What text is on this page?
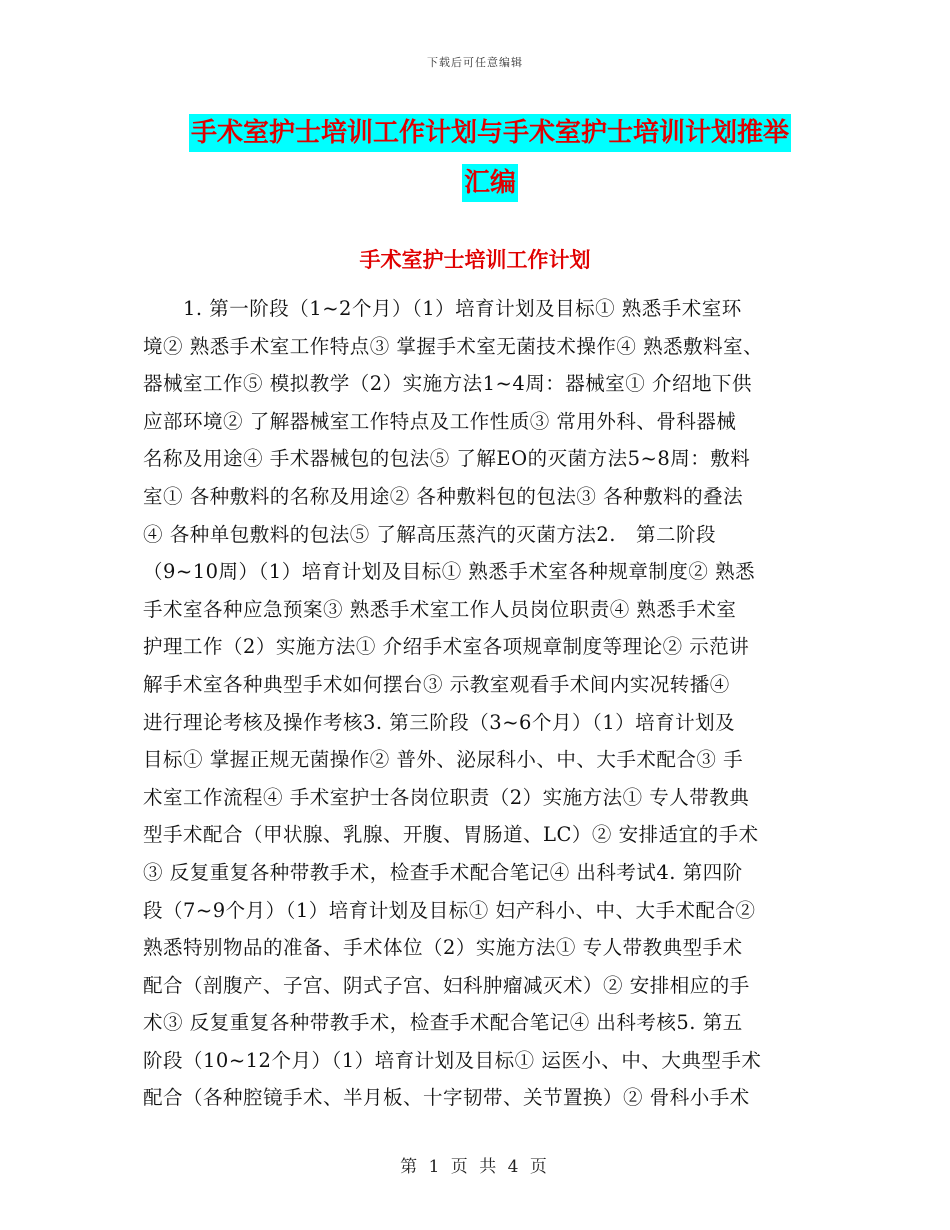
下载后可任意编辑
手术室护士培训工作计划与手术室护士培训计划推举
汇编
手术室护士培训工作计划
　　1. 第一阶段（1~2个月）（1）培育计划及目标① 熟悉手术室环
境② 熟悉手术室工作特点③ 掌握手术室无菌技术操作④ 熟悉敷料室、
器械室工作⑤ 模拟教学（2）实施方法1~4周：器械室① 介绍地下供
应部环境② 了解器械室工作特点及工作性质③ 常用外科、骨科器械
名称及用途④ 手术器械包的包法⑤ 了解EO的灭菌方法5~8周：敷料
室① 各种敷料的名称及用途② 各种敷料包的包法③ 各种敷料的叠法
④ 各种单包敷料的包法⑤ 了解高压蒸汽的灭菌方法2.　第二阶段
（9~10周）（1）培育计划及目标① 熟悉手术室各种规章制度② 熟悉
手术室各种应急预案③ 熟悉手术室工作人员岗位职责④ 熟悉手术室
护理工作（2）实施方法① 介绍手术室各项规章制度等理论② 示范讲
解手术室各种典型手术如何摆台③ 示教室观看手术间内实况转播④
进行理论考核及操作考核3. 第三阶段（3~6个月）（1）培育计划及
目标① 掌握正规无菌操作② 普外、泌尿科小、中、大手术配合③ 手
术室工作流程④ 手术室护士各岗位职责（2）实施方法① 专人带教典
型手术配合（甲状腺、乳腺、开腹、胃肠道、LC）② 安排适宜的手术
③ 反复重复各种带教手术，检查手术配合笔记④ 出科考试4. 第四阶
段（7~9个月）（1）培育计划及目标① 妇产科小、中、大手术配合②
熟悉特别物品的准备、手术体位（2）实施方法① 专人带教典型手术
配合（剖腹产、子宫、阴式子宫、妇科肿瘤减灭术）② 安排相应的手
术③ 反复重复各种带教手术，检查手术配合笔记④ 出科考核5. 第五
阶段（10~12个月）（1）培育计划及目标① 运医小、中、大典型手术
配合（各种腔镜手术、半月板、十字韧带、关节置换）② 骨科小手术
第 1 页 共 4 页
